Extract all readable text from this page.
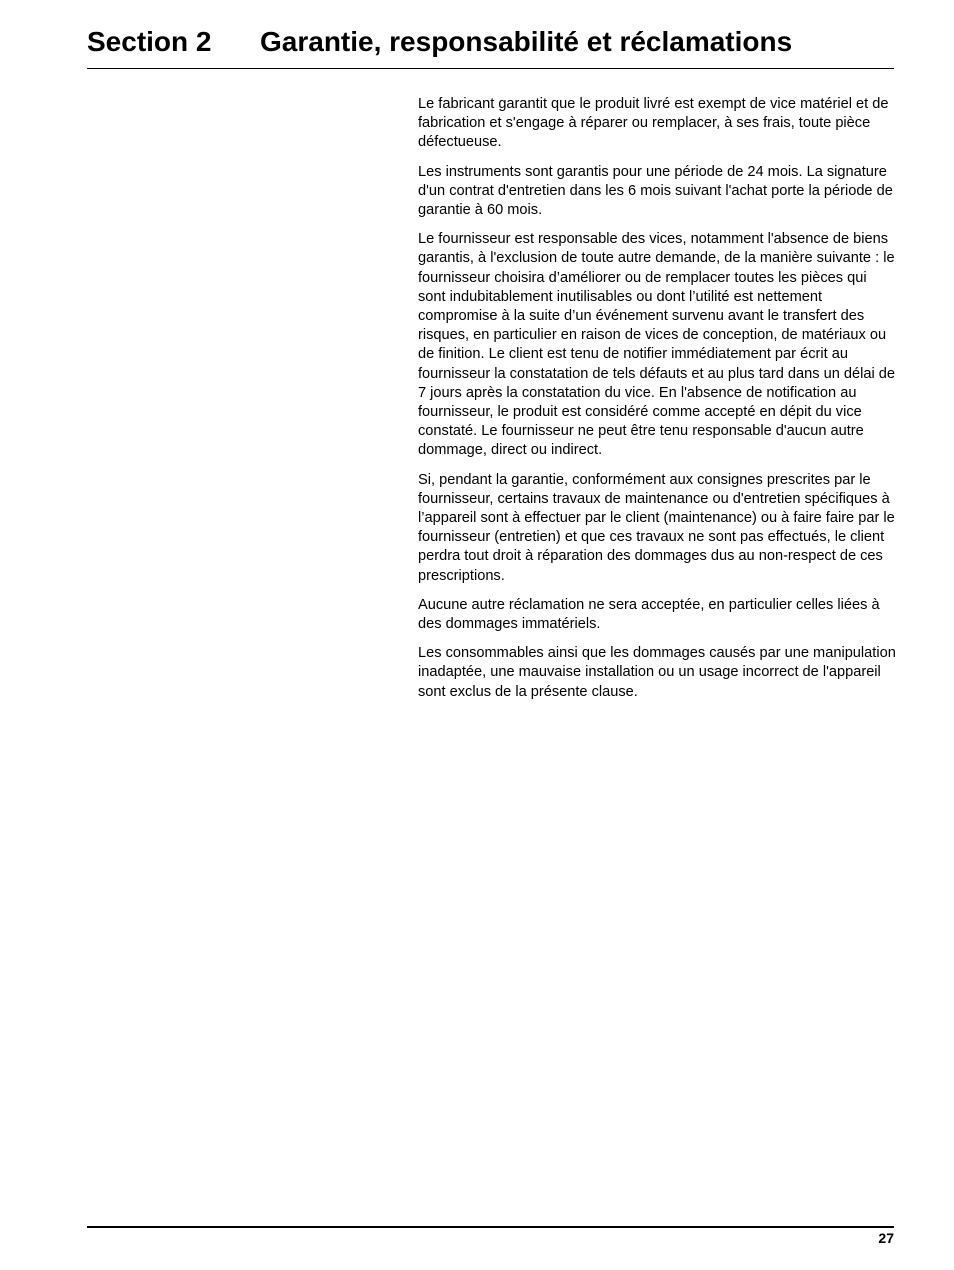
Section 2 Garantie, responsabilité et réclamations

Le fabricant garantit que le produit livré est exempt de vice matériel et de fabrication et s'engage à réparer ou remplacer, à ses frais, toute pièce défectueuse.

Les instruments sont garantis pour une période de 24 mois. La signature d'un contrat d'entretien dans les 6 mois suivant l'achat porte la période de garantie à 60 mois.

Le fournisseur est responsable des vices, notamment l'absence de biens garantis, à l'exclusion de toute autre demande, de la manière suivante : le fournisseur choisira d’améliorer ou de remplacer toutes les pièces qui sont indubitablement inutilisables ou dont l’utilité est nettement compromise à la suite d’un événement survenu avant le transfert des risques, en particulier en raison de vices de conception, de matériaux ou de finition. Le client est tenu de notifier immédiatement par écrit au fournisseur la constatation de tels défauts et au plus tard dans un délai de 7 jours après la constatation du vice. En l'absence de notification au fournisseur, le produit est considéré comme accepté en dépit du vice constaté. Le fournisseur ne peut être tenu responsable d'aucun autre dommage, direct ou indirect.

Si, pendant la garantie, conformément aux consignes prescrites par le fournisseur, certains travaux de maintenance ou d'entretien spécifiques à l’appareil sont à effectuer par le client (maintenance) ou à faire faire par le fournisseur (entretien) et que ces travaux ne sont pas effectués, le client perdra tout droit à réparation des dommages dus au non-respect de ces prescriptions.

Aucune autre réclamation ne sera acceptée, en particulier celles liées à des dommages immatériels.

Les consommables ainsi que les dommages causés par une manipulation inadaptée, une mauvaise installation ou un usage incorrect de l'appareil sont exclus de la présente clause.

27
